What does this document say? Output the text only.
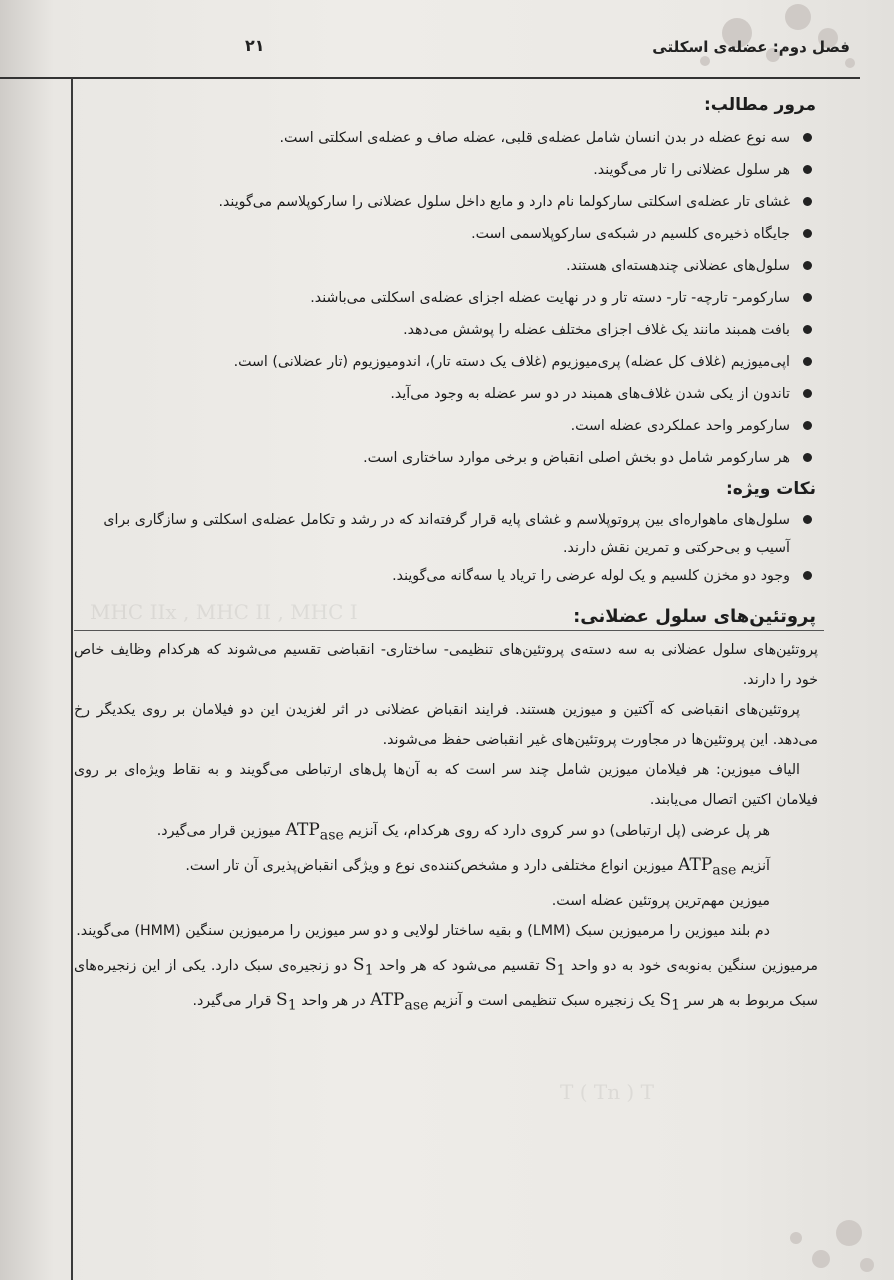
MHC IIx , MHC II , MHC I
T ( Tn ) T
فصل دوم: عضله‌ی اسکلتی
۲۱
مرور مطالب:
سه نوع عضله در بدن انسان شامل عضله‌ی قلبی، عضله صاف و عضله‌ی اسکلتی است.
هر سلول عضلانی را تار می‌گویند.
غشای تار عضله‌ی اسکلتی سارکولما نام دارد و مایع داخل سلول عضلانی را سارکوپلاسم می‌گویند.
جایگاه ذخیره‌ی کلسیم در شبکه‌ی سارکوپلاسمی است.
سلول‌های عضلانی چندهسته‌ای هستند.
سارکومر- تارچه- تار- دسته تار و در نهایت عضله اجزای عضله‌ی اسکلتی می‌باشند.
بافت همبند مانند یک غلاف اجزای مختلف عضله را پوشش می‌دهد.
اپی‌میوزیم (غلاف کل عضله) پری‌میوزیوم (غلاف یک دسته تار)، اندومیوزیوم (تار عضلانی) است.
تاندون از یکی شدن غلاف‌های همبند در دو سر عضله به وجود می‌آید.
سارکومر واحد عملکردی عضله است.
هر سارکومر شامل دو بخش اصلی انقباض و برخی موارد ساختاری است.
نکات ویژه:
سلول‌های ماهواره‌ای بین پروتوپلاسم و غشای پایه قرار گرفته‌اند که در رشد و تکامل عضله‌ی اسکلتی و سازگاری برای آسیب و بی‌حرکتی و تمرین نقش دارند.
وجود دو مخزن کلسیم و یک لوله عرضی را تریاد یا سه‌گانه می‌گویند.
پروتئین‌های سلول عضلانی:

پروتئین‌های سلول عضلانی به سه دسته‌ی پروتئین‌های تنظیمی- ساختاری- انقباضی تقسیم می‌شوند که هرکدام وظایف خاص خود را دارند.

پروتئین‌های انقباضی که آکتین و میوزین هستند. فرایند انقباض عضلانی در اثر لغزیدن این دو فیلامان بر روی یکدیگر رخ می‌دهد. این پروتئین‌ها در مجاورت پروتئین‌های غیر انقباضی حفظ می‌شوند.

الیاف میوزین: هر فیلامان میوزین شامل چند سر است که به آن‌ها پل‌های ارتباطی می‌گویند و به نقاط ویژه‌ای بر روی فیلامان اکتین اتصال می‌یابند.

هر پل عرضی (پل ارتباطی) دو سر کروی دارد که روی هرکدام، یک آنزیم $ATP_{ase}$ میوزین قرار می‌گیرد.

آنزیم $ATP_{ase}$ میوزین انواع مختلفی دارد و مشخص‌کننده‌ی نوع و ویژگی انقباض‌پذیری آن تار است.

میوزین مهم‌ترین پروتئین عضله است.

دم بلند میوزین را مرمیوزین سبک (LMM) و بقیه ساختار لولایی و دو سر میوزین را مرمیوزین سنگین (HMM) می‌گویند.

مرمیوزین سنگین به‌نوبه‌ی خود به دو واحد $S_1$ تقسیم می‌شود که هر واحد $S_1$ دو زنجیره‌ی سبک دارد. یکی از این زنجیره‌های سبک مربوط به هر سر $S_1$ یک زنجیره سبک تنظیمی است و آنزیم $ATP_{ase}$ در هر واحد $S_1$ قرار می‌گیرد.
